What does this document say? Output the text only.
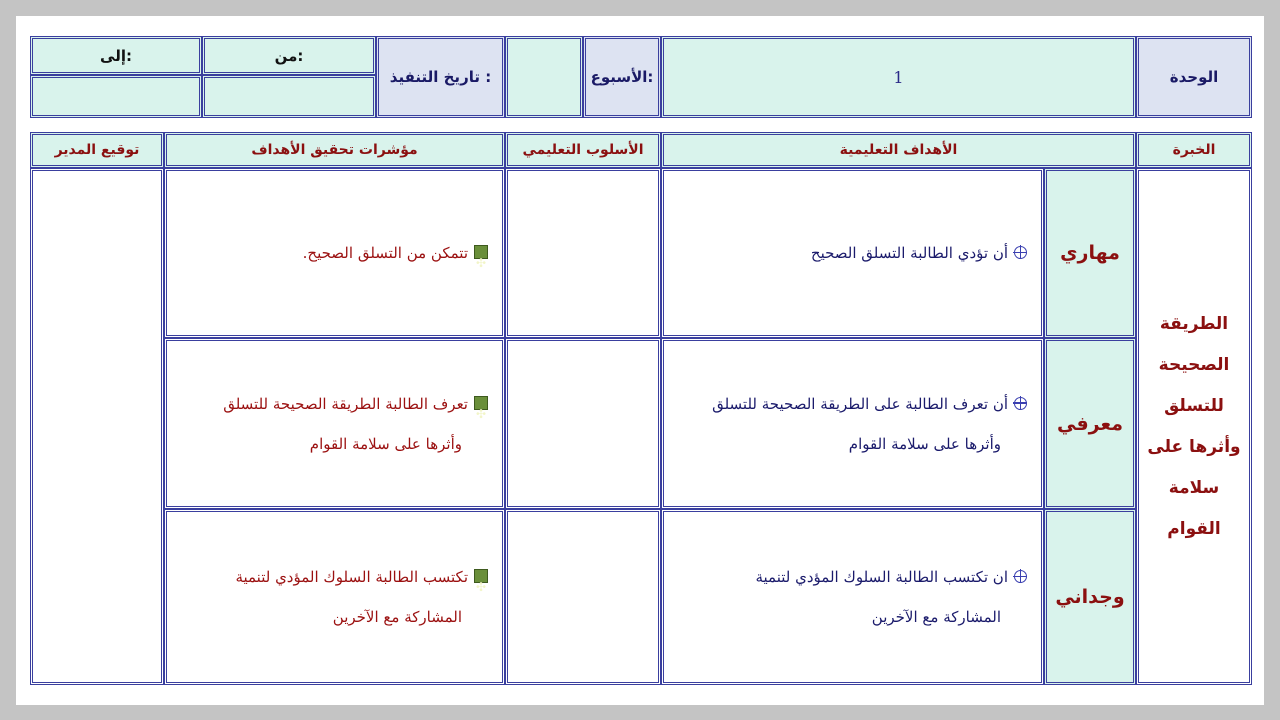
الوحدة
1
الأسبوع:
تاريخ التنفيذ :
من:
إلى:
الخبرة
الأهداف التعليمية
الأسلوب التعليمي
مؤشرات تحقيق الأهداف
توقيع المدير
الطريقة
الصحيحة
للتسلق
وأثرها على
سلامة
القوام
مهاري
أن تؤدي الطالبة التسلق الصحيح
✣تتمكن من التسلق الصحيح.
معرفي
أن تعرف الطالبة على الطريقة الصحيحة للتسلق
وأثرها على سلامة القوام
✣تعرف الطالبة الطريقة الصحيحة للتسلق
وأثرها على سلامة القوام
وجداني
ان تكتسب الطالبة السلوك المؤدي لتنمية
المشاركة مع الآخرين
✣تكتسب الطالبة السلوك المؤدي لتنمية
المشاركة مع الآخرين
